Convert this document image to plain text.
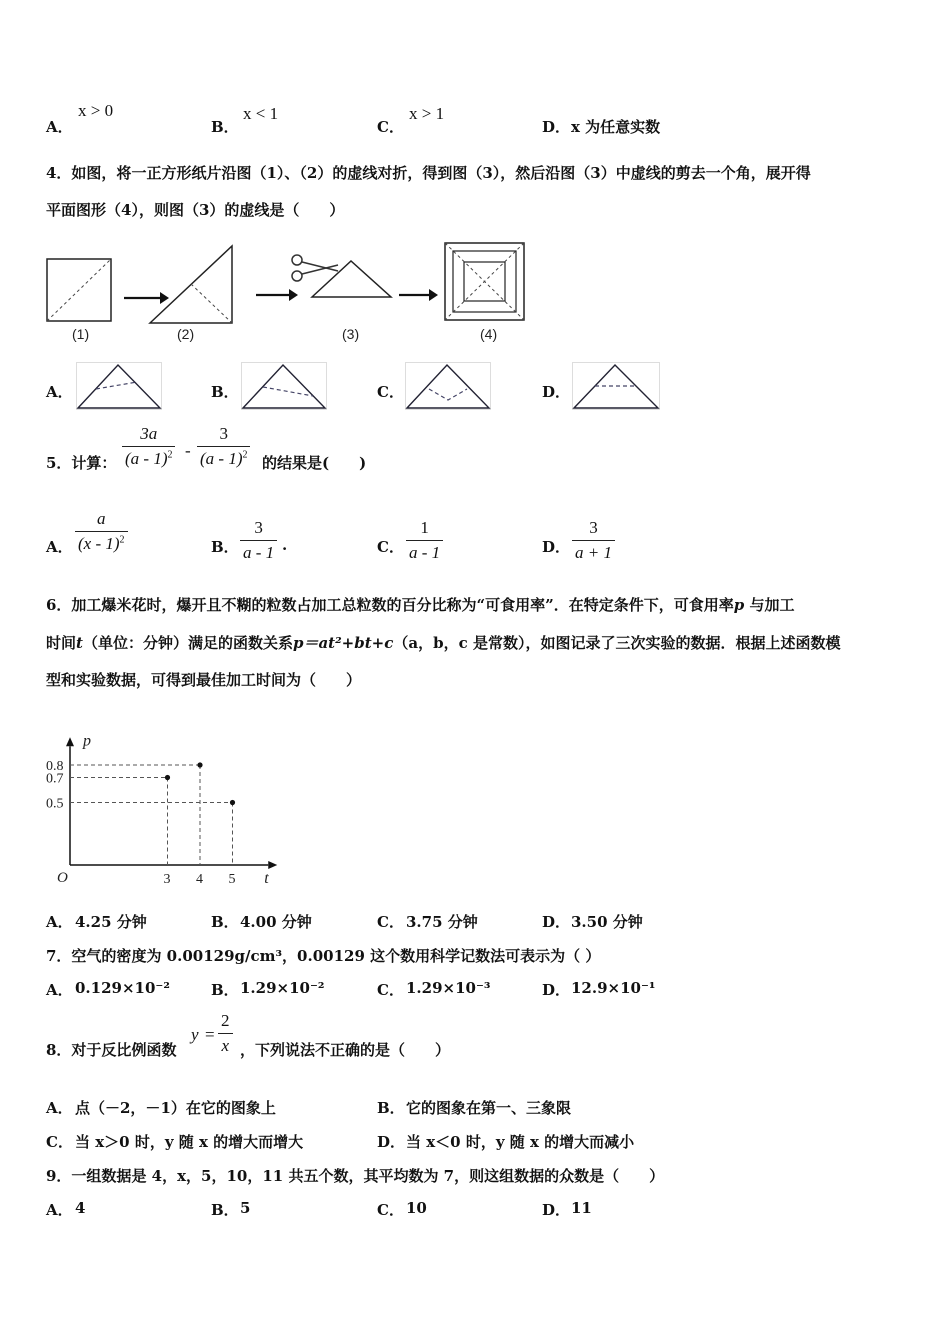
A．
x > 0
B．
x < 1
C．
x > 1
D． x 为任意实数
4．如图，将一正方形纸片沿图（1）、（2）的虚线对折，得到图（3），然后沿图（3）中虚线的剪去一个角，展开得
平面图形（4），则图（3）的虚线是（　　）
(1)	(2)	(3)	(4)
A．	B．	C．	D．
5．计算：
3a
(a - 1)$^2$ -
3
(a - 1)$^2$ 的结果是(　　)
A．
a
(x - 1)$^2$	B．
3
a - 1 .	C．
1
a - 1	D．
3
a + 1
6．加工爆米花时，爆开且不糊的粒数占加工总粒数的百分比称为“可食用率”．在特定条件下，可食用率p 与加工
时间t（单位：分钟）满足的函数关系p＝at²+bt+c（a，b，c 是常数），如图记录了三次实验的数据．根据上述函数模
型和实验数据，可得到最佳加工时间为（　　）
p
t
O	3 4 5
0.8
0.7
0.5
A． 4.25 分钟	B． 4.00 分钟	C． 3.75 分钟	D． 3.50 分钟
7．空气的密度为 0.00129g/cm³，0.00129 这个数用科学记数法可表示为（ ）
A． 0.129×10⁻²	B． 1.29×10⁻²	C． 1.29×10⁻³	D． 12.9×10⁻¹
8．对于反比例函数
y =
2
x ，下列说法不正确的是（　　）
A． 点（－2，－1）在它的图象上	B． 它的图象在第一、三象限
C． 当 x＞0 时，y 随 x 的增大而增大	D． 当 x＜0 时，y 随 x 的增大而减小
9．一组数据是 4，x，5，10，11 共五个数，其平均数为 7，则这组数据的众数是（　　）
A． 4	B． 5	C． 10	D． 11
